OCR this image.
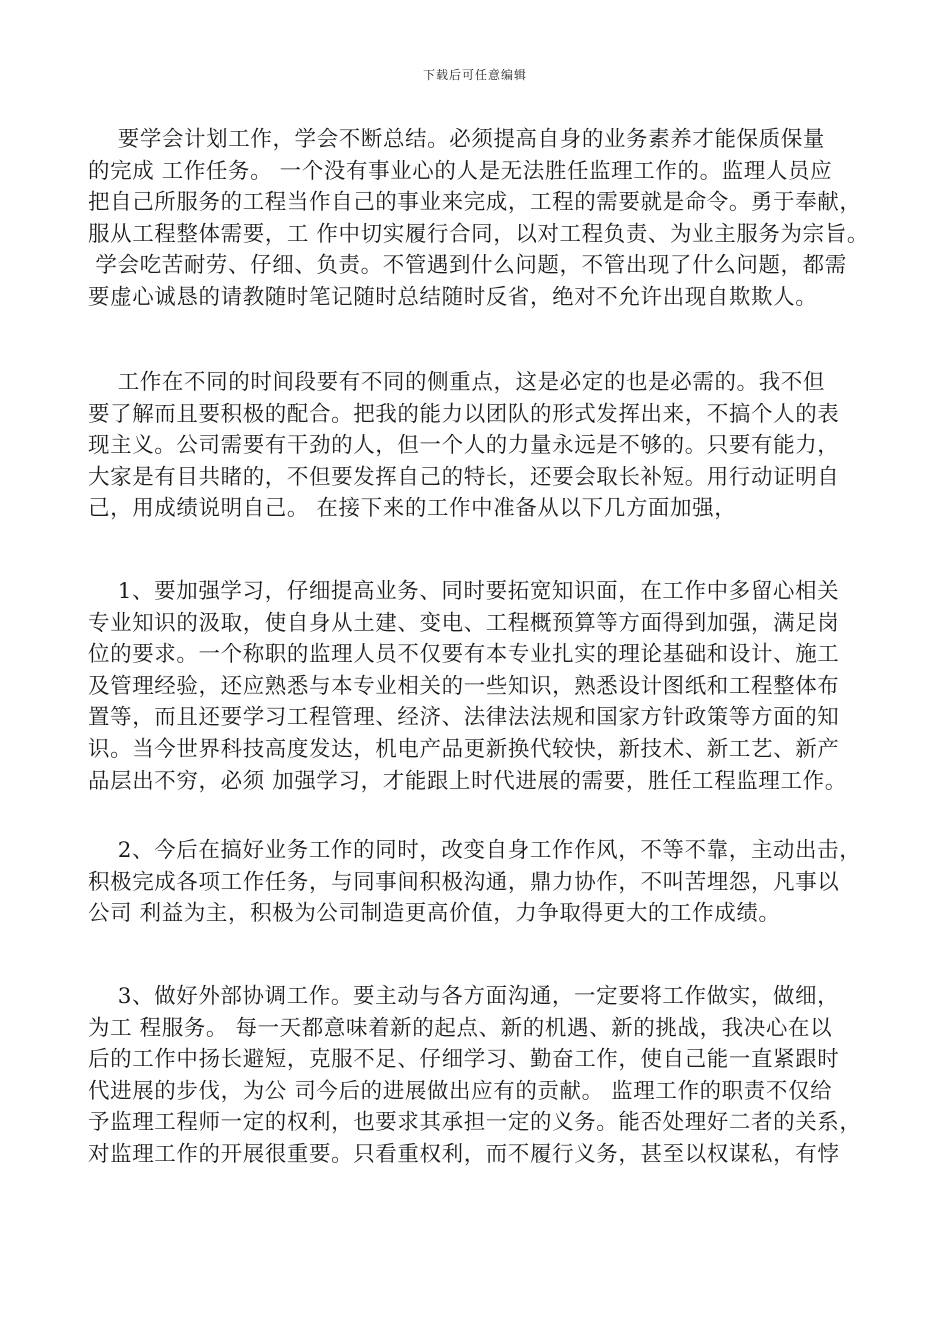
下载后可任意编辑
要学会计划工作，学会不断总结。必须提高自身的业务素养才能保质保量
的完成 工作任务。 一个没有事业心的人是无法胜任监理工作的。监理人员应
把自己所服务的工程当作自己的事业来完成，工程的需要就是命令。勇于奉献，
服从工程整体需要，工 作中切实履行合同，以对工程负责、为业主服务为宗旨。
学会吃苦耐劳、仔细、负责。不管遇到什么问题，不管出现了什么问题，都需
要虚心诚恳的请教随时笔记随时总结随时反省，绝对不允许出现自欺欺人。
工作在不同的时间段要有不同的侧重点，这是必定的也是必需的。我不但
要了解而且要积极的配合。把我的能力以团队的形式发挥出来，不搞个人的表
现主义。公司需要有干劲的人，但一个人的力量永远是不够的。只要有能力，
大家是有目共睹的，不但要发挥自己的特长，还要会取长补短。用行动证明自
己，用成绩说明自己。 在接下来的工作中准备从以下几方面加强，
1、要加强学习，仔细提高业务、同时要拓宽知识面，在工作中多留心相关
专业知识的汲取，使自身从土建、变电、工程概预算等方面得到加强，满足岗
位的要求。一个称职的监理人员不仅要有本专业扎实的理论基础和设计、施工
及管理经验，还应熟悉与本专业相关的一些知识，熟悉设计图纸和工程整体布
置等，而且还要学习工程管理、经济、法律法法规和国家方针政策等方面的知
识。当今世界科技高度发达，机电产品更新换代较快，新技术、新工艺、新产
品层出不穷，必须 加强学习，才能跟上时代进展的需要，胜任工程监理工作。
2、今后在搞好业务工作的同时，改变自身工作作风，不等不靠，主动出击，
积极完成各项工作任务，与同事间积极沟通，鼎力协作，不叫苦埋怨，凡事以
公司 利益为主，积极为公司制造更高价值，力争取得更大的工作成绩。
3、做好外部协调工作。要主动与各方面沟通，一定要将工作做实，做细，
为工 程服务。 每一天都意味着新的起点、新的机遇、新的挑战，我决心在以
后的工作中扬长避短，克服不足、仔细学习、勤奋工作，使自己能一直紧跟时
代进展的步伐，为公 司今后的进展做出应有的贡献。 监理工作的职责不仅给
予监理工程师一定的权利，也要求其承担一定的义务。能否处理好二者的关系，
对监理工作的开展很重要。只看重权利，而不履行义务，甚至以权谋私，有悖
